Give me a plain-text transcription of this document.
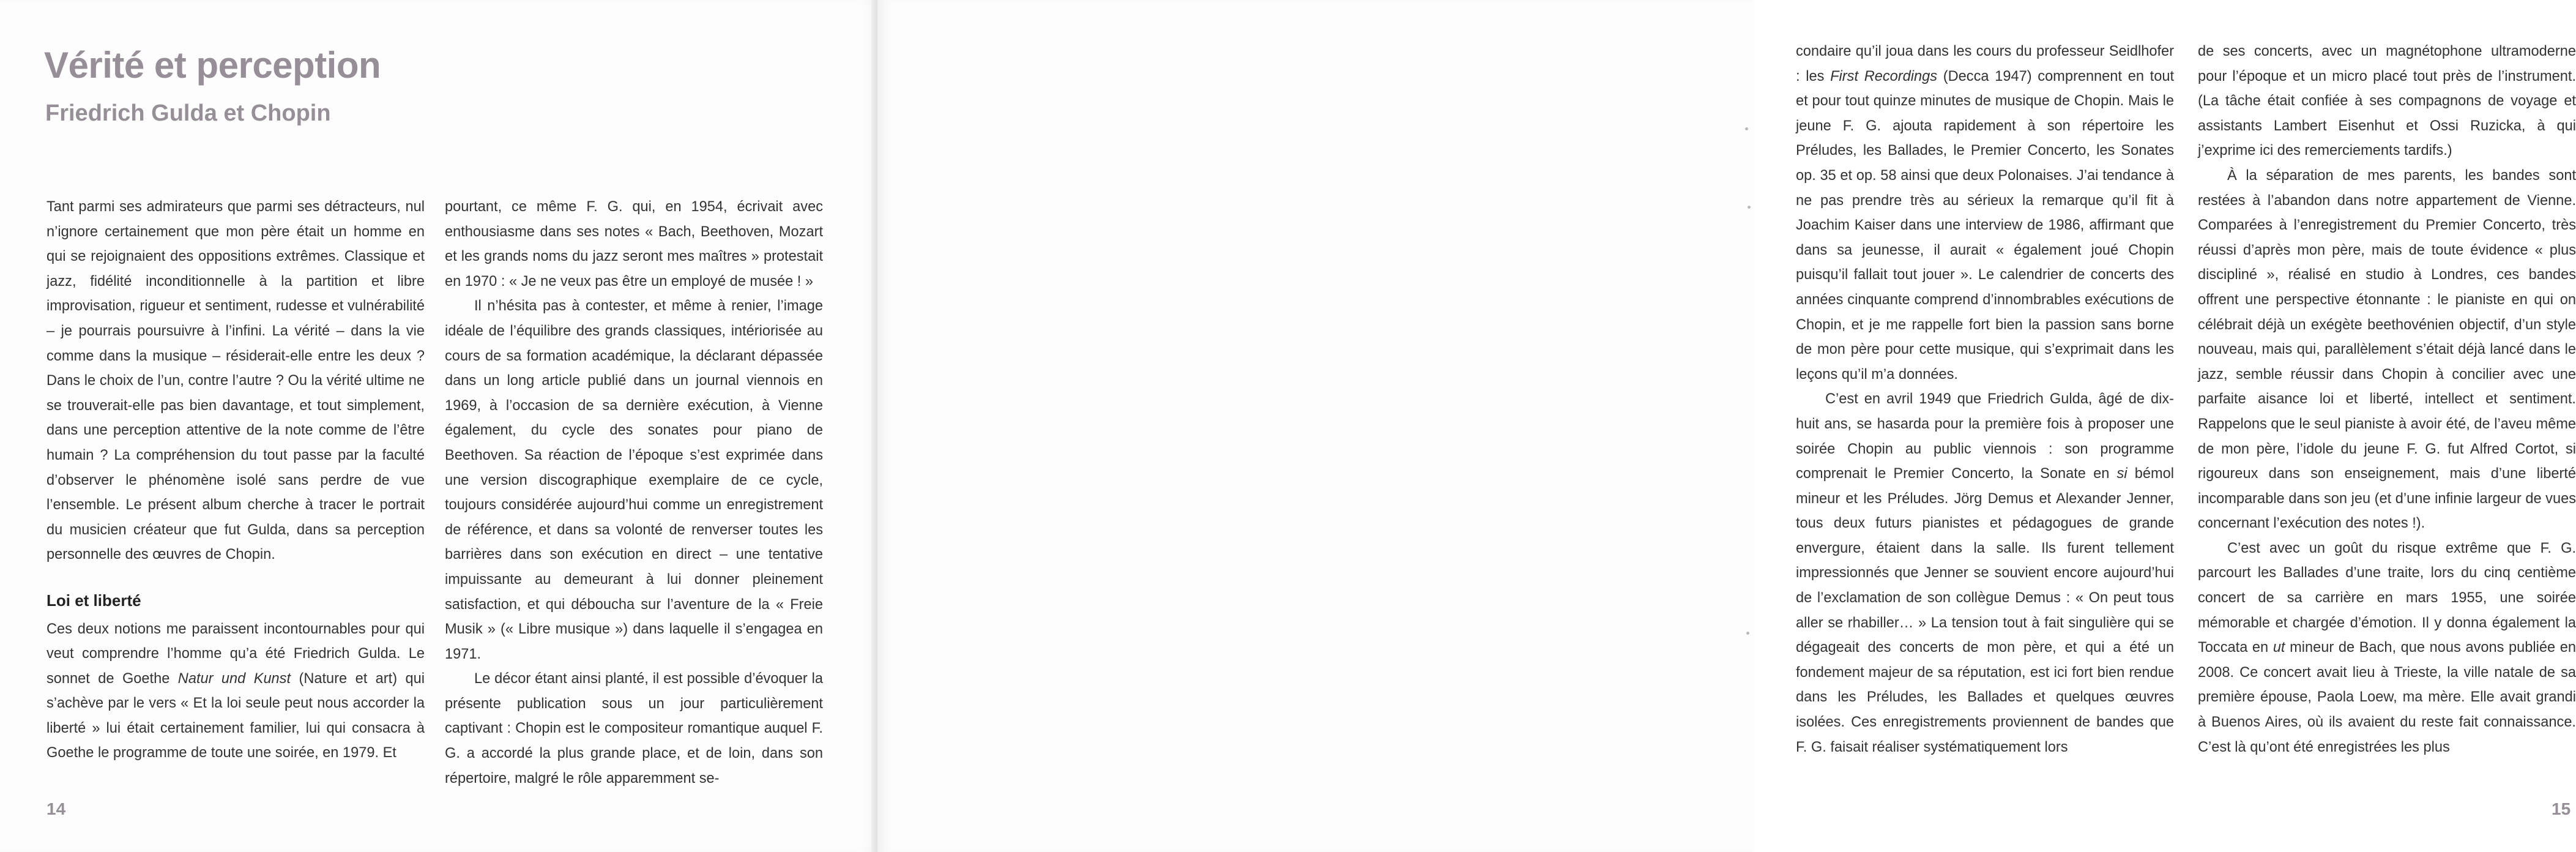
Vérité et perception
Friedrich Gulda et Chopin

Tant parmi ses admirateurs que parmi ses détracteurs, nul n’ignore certainement que mon père était un homme en qui se rejoignaient des oppositions extrêmes. Classique et jazz, fidélité inconditionnelle à la partition et libre improvisation, rigueur et sentiment, rudesse et vulnérabilité – je pourrais poursuivre à l’infini. La vérité – dans la vie comme dans la musique – résiderait-elle entre les deux ? Dans le choix de l’un, contre l’autre ? Ou la vérité ultime ne se trouverait-elle pas bien davantage, et tout simplement, dans une perception attentive de la note comme de l’être humain ? La compréhension du tout passe par la faculté d’observer le phénomène isolé sans perdre de vue l’ensemble. Le présent album cherche à tracer le portrait du musicien créateur que fut Gulda, dans sa perception personnelle des œuvres de Chopin.

Loi et liberté

Ces deux notions me paraissent incontournables pour qui veut comprendre l’homme qu’a été Friedrich Gulda. Le sonnet de Goethe Natur und Kunst (Nature et art) qui s’achève par le vers « Et la loi seule peut nous accorder la liberté » lui était certainement familier, lui qui consacra à Goethe le programme de toute une soirée, en 1979. Et

pourtant, ce même F. G. qui, en 1954, écrivait avec enthousiasme dans ses notes « Bach, Beethoven, Mozart et les grands noms du jazz seront mes maîtres » protestait en 1970 : « Je ne veux pas être un employé de musée ! »

Il n’hésita pas à contester, et même à renier, l’image idéale de l’équilibre des grands classiques, intériorisée au cours de sa formation académique, la déclarant dépassée dans un long article publié dans un journal viennois en 1969, à l’occasion de sa dernière exécution, à Vienne également, du cycle des sonates pour piano de Beethoven. Sa réaction de l’époque s’est exprimée dans une version discographique exemplaire de ce cycle, toujours considérée aujourd’hui comme un enregistrement de référence, et dans sa volonté de renverser toutes les barrières dans son exécution en direct – une tentative impuissante au demeurant à lui donner pleinement satisfaction, et qui déboucha sur l’aventure de la « Freie Musik » (« Libre musique ») dans laquelle il s’engagea en 1971.

Le décor étant ainsi planté, il est possible d’évoquer la présente publication sous un jour particulièrement captivant : Chopin est le compositeur romantique auquel F. G. a accordé la plus grande place, et de loin, dans son répertoire, malgré le rôle apparemment se-

14

condaire qu’il joua dans les cours du professeur Seidlhofer : les First Recordings (Decca 1947) comprennent en tout et pour tout quinze minutes de musique de Chopin. Mais le jeune F. G. ajouta rapidement à son répertoire les Préludes, les Ballades, le Premier Concerto, les Sonates op. 35 et op. 58 ainsi que deux Polonaises. J’ai tendance à ne pas prendre très au sérieux la remarque qu’il fit à Joachim Kaiser dans une interview de 1986, affirmant que dans sa jeunesse, il aurait « également joué Chopin puisqu’il fallait tout jouer ». Le calendrier de concerts des années cinquante comprend d’innombrables exécutions de Chopin, et je me rappelle fort bien la passion sans borne de mon père pour cette musique, qui s’exprimait dans les leçons qu’il m’a données.

C’est en avril 1949 que Friedrich Gulda, âgé de dix-huit ans, se hasarda pour la première fois à proposer une soirée Chopin au public viennois : son programme comprenait le Premier Concerto, la Sonate en si bémol mineur et les Préludes. Jörg Demus et Alexander Jenner, tous deux futurs pianistes et pédagogues de grande envergure, étaient dans la salle. Ils furent tellement impressionnés que Jenner se souvient encore aujourd’hui de l’exclamation de son collègue Demus : « On peut tous aller se rhabiller… » La tension tout à fait singulière qui se dégageait des concerts de mon père, et qui a été un fondement majeur de sa réputation, est ici fort bien rendue dans les Préludes, les Ballades et quelques œuvres isolées. Ces enregistrements proviennent de bandes que F. G. faisait réaliser systématiquement lors

de ses concerts, avec un magnétophone ultramoderne pour l’époque et un micro placé tout près de l’instrument. (La tâche était confiée à ses compagnons de voyage et assistants Lambert Eisenhut et Ossi Ruzicka, à qui j’exprime ici des remerciements tardifs.)

À la séparation de mes parents, les bandes sont restées à l’abandon dans notre appartement de Vienne. Comparées à l’enregistrement du Premier Concerto, très réussi d’après mon père, mais de toute évidence « plus discipliné », réalisé en studio à Londres, ces bandes offrent une perspective étonnante : le pianiste en qui on célébrait déjà un exégète beethovénien objectif, d’un style nouveau, mais qui, parallèlement s’était déjà lancé dans le jazz, semble réussir dans Chopin à concilier avec une parfaite aisance loi et liberté, intellect et sentiment. Rappelons que le seul pianiste à avoir été, de l’aveu même de mon père, l’idole du jeune F. G. fut Alfred Cortot, si rigoureux dans son enseignement, mais d’une liberté incomparable dans son jeu (et d’une infinie largeur de vues concernant l’exécution des notes !).

C’est avec un goût du risque extrême que F. G. parcourt les Ballades d’une traite, lors du cinq centième concert de sa carrière en mars 1955, une soirée mémorable et chargée d’émotion. Il y donna également la Toccata en ut mineur de Bach, que nous avons publiée en 2008. Ce concert avait lieu à Trieste, la ville natale de sa première épouse, Paola Loew, ma mère. Elle avait grandi à Buenos Aires, où ils avaient du reste fait connaissance. C’est là qu’ont été enregistrées les plus

15
